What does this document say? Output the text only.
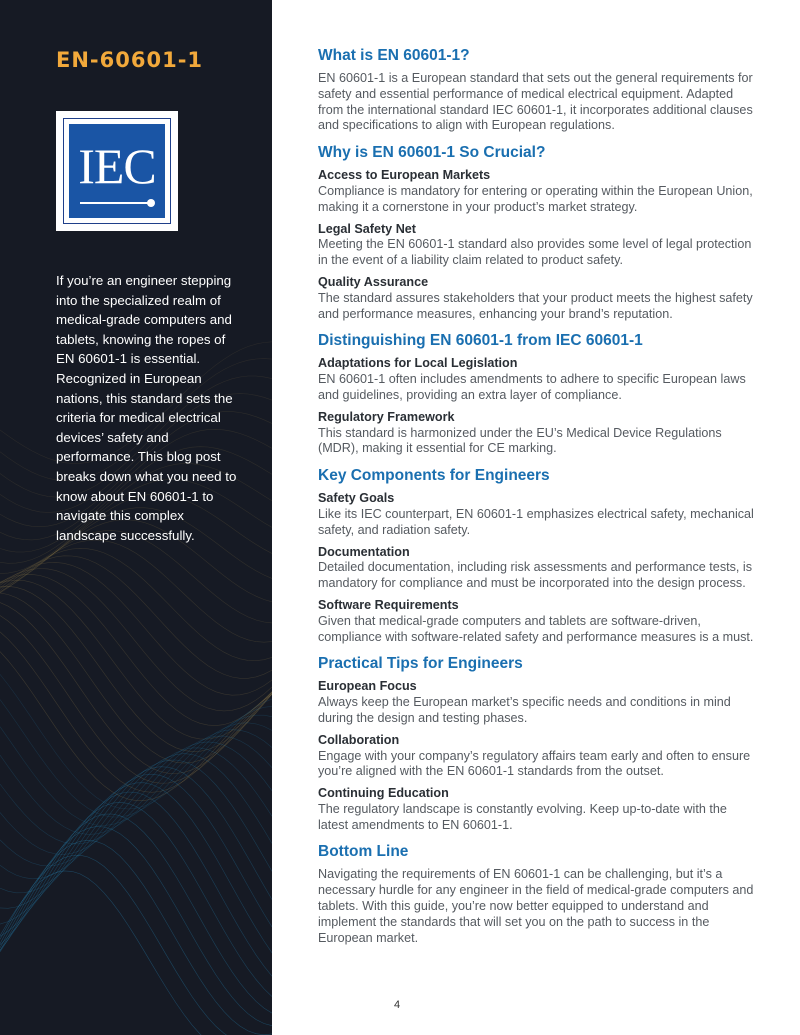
EN-60601-1
IEC

If you’re an engineer stepping into the specialized realm of medical-grade computers and tablets, knowing the ropes of EN 60601-1 is essential. Recognized in European nations, this standard sets the criteria for medical electrical devices’ safety and performance. This blog post breaks down what you need to know about EN 60601-1 to navigate this complex landscape successfully.

What is EN 60601-1?

EN 60601-1 is a European standard that sets out the general requirements for safety and essential performance of medical electrical equipment. Adapted from the international standard IEC 60601-1, it incorporates additional clauses and specifications to align with European regulations.

Why is EN 60601-1 So Crucial?
Access to European Markets

Compliance is mandatory for entering or operating within the European Union, making it a cornerstone in your product’s market strategy.

Legal Safety Net

Meeting the EN 60601-1 standard also provides some level of legal protection in the event of a liability claim related to product safety.

Quality Assurance

The standard assures stakeholders that your product meets the highest safety and performance measures, enhancing your brand’s reputation.

Distinguishing EN 60601-1 from IEC 60601-1
Adaptations for Local Legislation

EN 60601-1 often includes amendments to adhere to specific European laws and guidelines, providing an extra layer of compliance.

Regulatory Framework

This standard is harmonized under the EU’s Medical Device Regulations (MDR), making it essential for CE marking.

Key Components for Engineers
Safety Goals

Like its IEC counterpart, EN 60601-1 emphasizes electrical safety, mechanical safety, and radiation safety.

Documentation

Detailed documentation, including risk assessments and performance tests, is mandatory for compliance and must be incorporated into the design process.

Software Requirements

Given that medical-grade computers and tablets are software-driven, compliance with software-related safety and performance measures is a must.

Practical Tips for Engineers
European Focus

Always keep the European market’s specific needs and conditions in mind during the design and testing phases.

Collaboration

Engage with your company’s regulatory affairs team early and often to ensure you’re aligned with the EN 60601-1 standards from the outset.

Continuing Education

The regulatory landscape is constantly evolving. Keep up-to-date with the latest amendments to EN 60601-1.

Bottom Line

Navigating the requirements of EN 60601-1 can be challenging, but it’s a necessary hurdle for any engineer in the field of medical-grade computers and tablets. With this guide, you’re now better equipped to understand and implement the standards that will set you on the path to success in the European market.

4
